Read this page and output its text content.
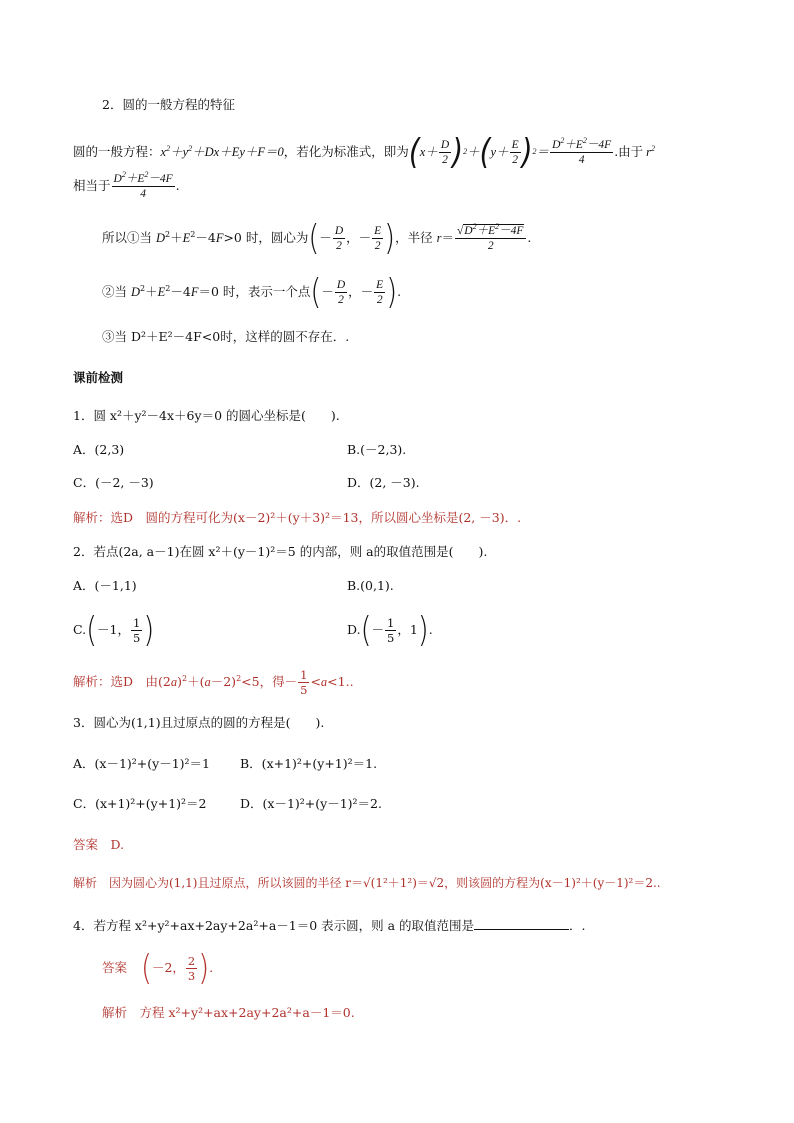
2．圆的一般方程的特征
圆的一般方程： $x^2+y^2+Dx+Ey+F=0$ ，若化为标准式，即为 ( $x+ \frac{D}{2}$ ) 2 ＋ ( $y+ \frac{E}{2}$ ) $2 = \frac{D^2+E^2-4F}{4}$ .由于 $r^2$
相当于 $\frac{D^2+E^2-4F}{4}$ .
所以①当 $D^2+E^2-4F>0$ 时，圆心为 ( － $\frac{D}{2}$ ，－ $\frac{E}{2}$ ) ，半径 $r= \frac{√D^2+E^2-4F}{2}$ .
②当 $D^2+E^2-4F=0$ 时，表示一个点 ( － $\frac{D}{2}$ ，－ $\frac{E}{2}$ ) .
③当 D²＋E²－4F<0时，这样的圆不存在．.
课前检测
1．圆 x²＋y²－4x＋6y＝0 的圆心坐标是(　　).
A．(2,3)	B.(－2,3).
C．(－2, －3)	D．(2, －3).
解析：选D　圆的方程可化为(x－2)²＋(y＋3)²＝13，所以圆心坐标是(2, －3)．.
2．若点(2a, a－1)在圆 x²＋(y－1)²＝5 的内部，则 a的取值范围是(　　).
A．(－1,1)	B.(0,1).
C. ( －1， $\frac{1}{5}$ )	D. ( － $\frac{1}{5}$ ，1 ) .
解析：选D　由$(2a)^2+(a-2)^2<5$，得－ $\frac{1}{5} <a<1$..
3．圆心为(1,1)且过原点的圆的方程是(　　).
A．(x－1)²+(y－1)²＝1 B．(x+1)²+(y+1)²＝1.
C．(x+1)²+(y+1)²＝2	D．(x－1)²+(y－1)²＝2.
答案　D.
解析　因为圆心为(1,1)且过原点，所以该圆的半径 r＝√(1²＋1²)＝√2，则该圆的方程为(x－1)²＋(y－1)²＝2..
4．若方程 x²+y²+ax+2ay+2a²+a－1＝0 表示圆，则 a 的取值范围是	．.
答案 ( －2， $\frac{2}{3}$ ) .
解析　方程 x²+y²+ax+2ay+2a²+a－1＝0.
